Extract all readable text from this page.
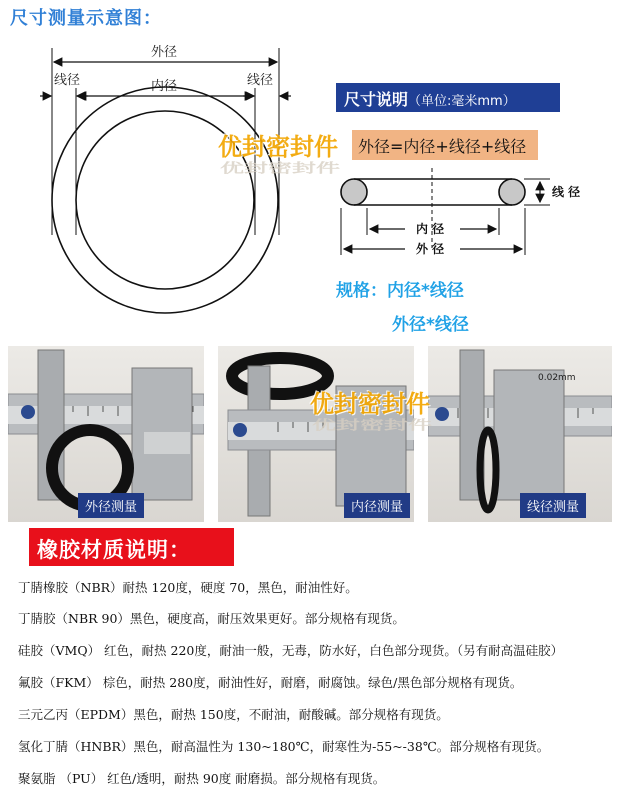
尺寸测量示意图：
外径
内径
线径	线径
线 径
内 径
外 径
尺寸说明（单位:毫米mm）
外径=内径+线径+线径
优封密封件
优封密封件
规格：内径*线径
外径*线径
外径测量	内径测量
0.02mm
线径测量
优封密封件
优封密封件
橡胶材质说明：
丁腈橡胶（NBR）耐热 120度，硬度 70，黑色，耐油性好。
丁腈胶（NBR 90）黑色，硬度高，耐压效果更好。部分规格有现货。
硅胶（VMQ） 红色，耐热 220度，耐油一般，无毒，防水好，白色部分现货。（另有耐高温硅胶）
氟胶（FKM） 棕色，耐热 280度，耐油性好，耐磨，耐腐蚀。绿色/黑色部分规格有现货。
三元乙丙（EPDM）黑色，耐热 150度，不耐油，耐酸碱。部分规格有现货。
氢化丁腈（HNBR）黑色，耐高温性为 130~180℃，耐寒性为-55~-38℃。部分规格有现货。
聚氨脂 （PU） 红色/透明，耐热 90度 耐磨损。部分规格有现货。
